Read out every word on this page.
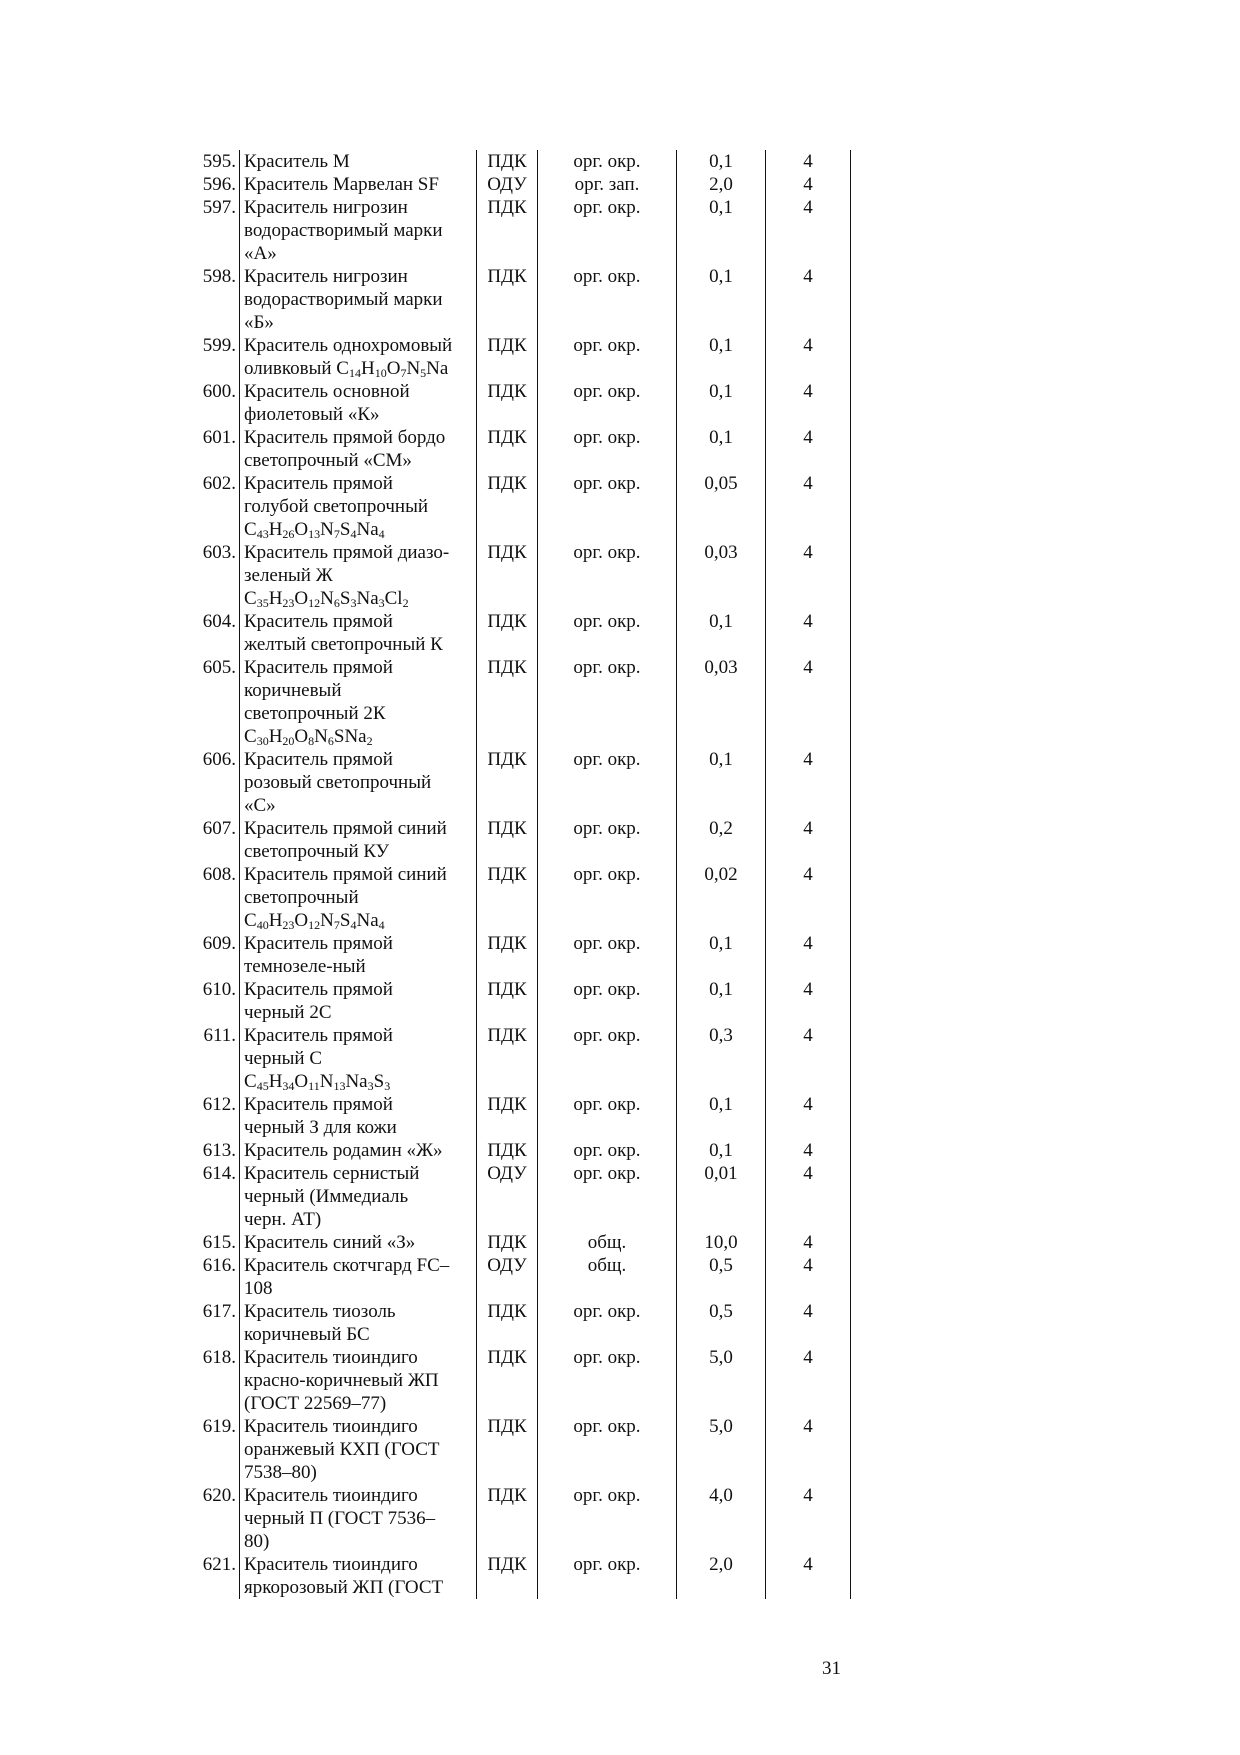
595.	Краситель М	ПДК	орг. окр.	0,1	4
596.	Краситель Марвелан SF	ОДУ	орг. зап.	2,0	4
597.	Краситель нигрозин
водорастворимый марки
«А»	ПДК	орг. окр.	0,1	4
598.	Краситель нигрозин
водорастворимый марки
«Б»	ПДК	орг. окр.	0,1	4
599.	Краситель однохромовый
оливковый $C_{14}H_{10}O_7N_5Na$	ПДК	орг. окр.	0,1	4
600.	Краситель основной
фиолетовый «К»	ПДК	орг. окр.	0,1	4
601.	Краситель прямой бордо
светопрочный «СМ»	ПДК	орг. окр.	0,1	4
602.	Краситель прямой
голубой светопрочный
$C_{43}H_{26}O_{13}N_7S_4Na_4$	ПДК	орг. окр.	0,05	4
603.	Краситель прямой диазо-
зеленый Ж
$C_{35}H_{23}O_{12}N_6S_3Na_3Cl_2$	ПДК	орг. окр.	0,03	4
604.	Краситель прямой
желтый светопрочный К	ПДК	орг. окр.	0,1	4
605.	Краситель прямой
коричневый
светопрочный 2К
$C_{30}H_{20}O_8N_6SNa_2$	ПДК	орг. окр.	0,03	4
606.	Краситель прямой
розовый светопрочный
«С»	ПДК	орг. окр.	0,1	4
607.	Краситель прямой синий
светопрочный КУ	ПДК	орг. окр.	0,2	4
608.	Краситель прямой синий
светопрочный
$C_{40}H_{23}O_{12}N_7S_4Na_4$	ПДК	орг. окр.	0,02	4
609.	Краситель прямой
темнозеле-ный	ПДК	орг. окр.	0,1	4
610.	Краситель прямой
черный 2С	ПДК	орг. окр.	0,1	4
611.	Краситель прямой
черный С
$C_{45}H_{34}O_{11}N_{13}Na_3S_3$	ПДК	орг. окр.	0,3	4
612.	Краситель прямой
черный З для кожи	ПДК	орг. окр.	0,1	4
613.	Краситель родамин «Ж»	ПДК	орг. окр.	0,1	4
614.	Краситель сернистый
черный (Иммедиаль
черн. АТ)	ОДУ	орг. окр.	0,01	4
615.	Краситель синий «З»	ПДК	общ.	10,0	4
616.	Краситель скотчгард FC–
108	ОДУ	общ.	0,5	4
617.	Краситель тиозоль
коричневый БС	ПДК	орг. окр.	0,5	4
618.	Краситель тиоиндиго
красно-коричневый ЖП
(ГОСТ 22569–77)	ПДК	орг. окр.	5,0	4
619.	Краситель тиоиндиго
оранжевый КХП (ГОСТ
7538–80)	ПДК	орг. окр.	5,0	4
620.	Краситель тиоиндиго
черный П (ГОСТ 7536–
80)	ПДК	орг. окр.	4,0	4
621.	Краситель тиоиндиго
яркорозовый ЖП (ГОСТ	ПДК	орг. окр.	2,0	4
31
